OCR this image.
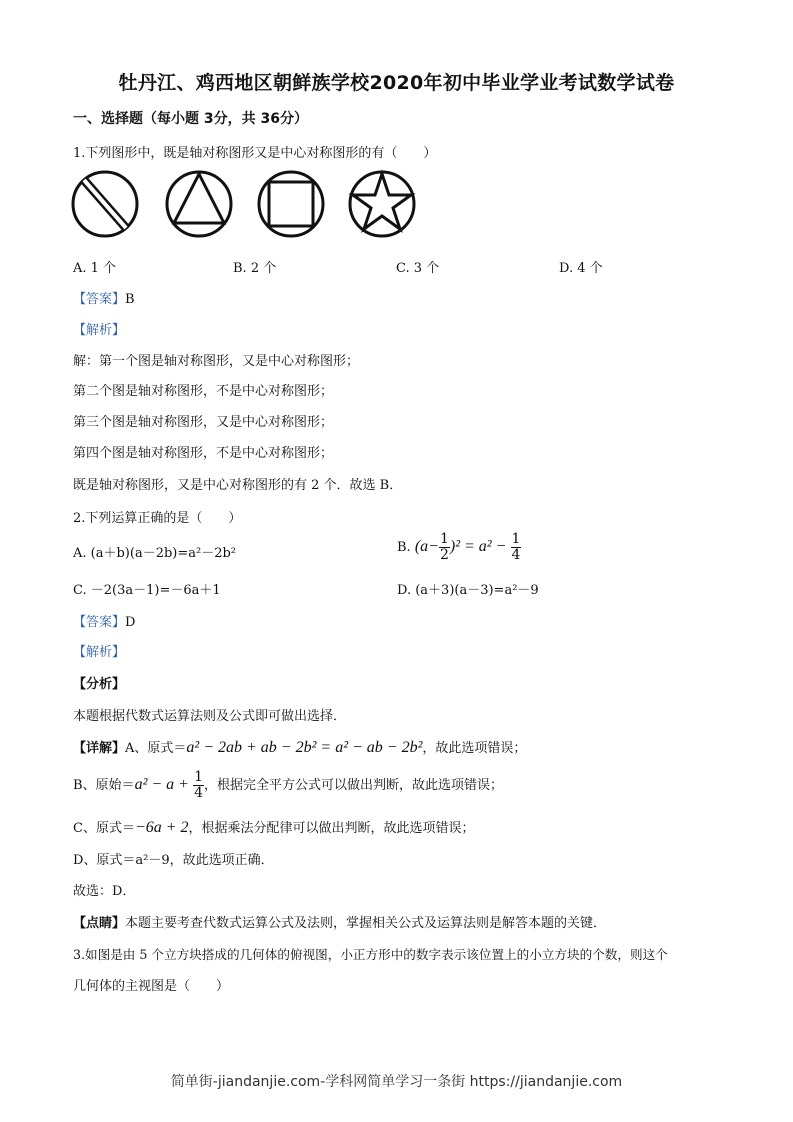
牡丹江、鸡西地区朝鲜族学校2020年初中毕业学业考试数学试卷
一、选择题（每小题 3分，共 36分）
1.下列图形中，既是轴对称图形又是中心对称图形的有（　　）
A. 1 个	B. 2 个	C. 3 个	D. 4 个
【答案】B
【解析】
解：第一个图是轴对称图形，又是中心对称图形；
第二个图是轴对称图形，不是中心对称图形；
第三个图是轴对称图形，又是中心对称图形；
第四个图是轴对称图形，不是中心对称图形；
既是轴对称图形，又是中心对称图形的有 2 个．故选 B．
2.下列运算正确的是（　　）
A. (a＋b)(a－2b)=a²－2b²	B. $(a- \frac{1}{2} )^2 = a^2 - \frac{1}{4}$
C. －2(3a－1)=－6a＋1	D. (a＋3)(a－3)=a²－9
【答案】D
【解析】
【分析】
本题根据代数式运算法则及公式即可做出选择．
【详解】A、原式＝a² − 2ab + ab − 2b² = a² − ab − 2b²，故此选项错误；
B、原始$=a^2 - a + \frac{1}{4}$ ，根据完全平方公式可以做出判断，故此选项错误；
C、原式＝−6a + 2，根据乘法分配律可以做出判断，故此选项错误；
D、原式＝a²－9，故此选项正确．
故选：D．
【点睛】本题主要考查代数式运算公式及法则，掌握相关公式及运算法则是解答本题的关键．
3.如图是由 5 个立方块搭成的几何体的俯视图，小正方形中的数字表示该位置上的小立方块的个数，则这个
几何体的主视图是（　　）
简单街-jiandanjie.com-学科网简单学习一条街 https://jiandanjie.com
